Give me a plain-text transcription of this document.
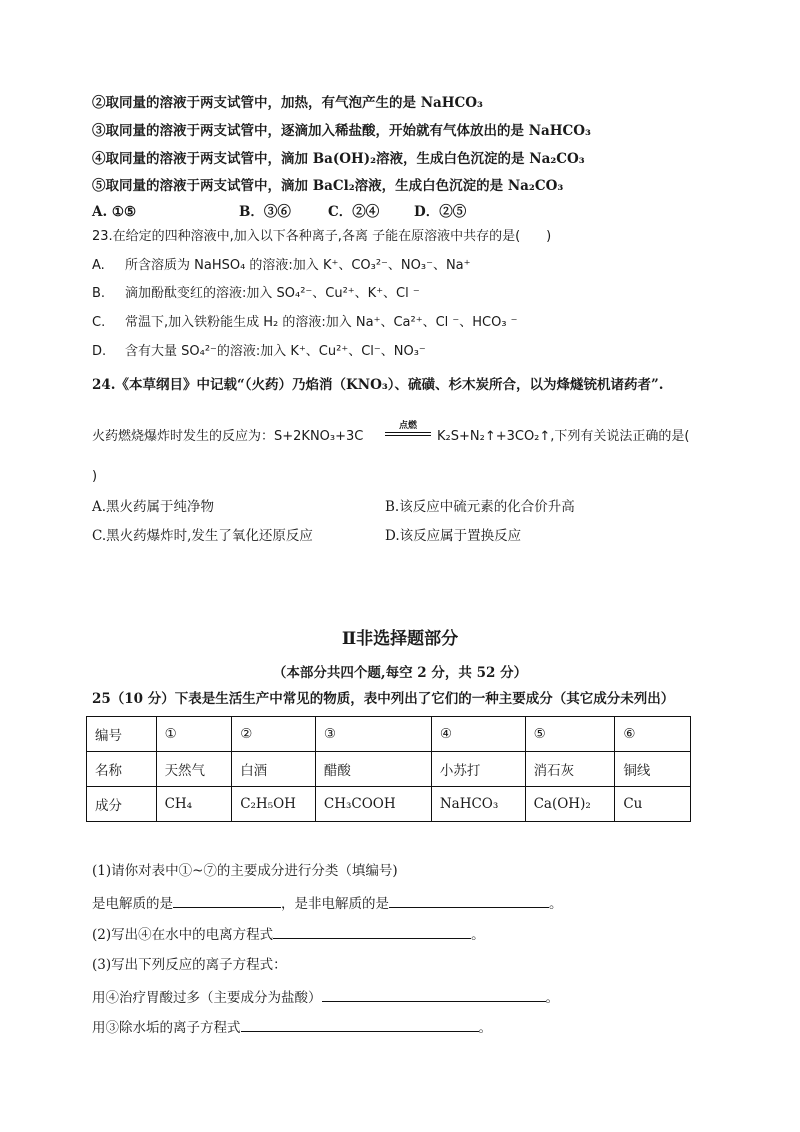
②取同量的溶液于两支试管中，加热，有气泡产生的是 NaHCO₃
③取同量的溶液于两支试管中，逐滴加入稀盐酸，开始就有气体放出的是 NaHCO₃
④取同量的溶液于两支试管中，滴加 Ba(OH)₂溶液，生成白色沉淀的是 Na₂CO₃
⑤取同量的溶液于两支试管中，滴加 BaCl₂溶液，生成白色沉淀的是 Na₂CO₃
A. ①⑤	B．③⑥	C．②④	D．②⑤
23.在给定的四种溶液中,加入以下各种离子,各离 子能在原溶液中共存的是(　　)
A. 所含溶质为 NaHSO₄ 的溶液:加入 K⁺、CO₃²⁻、NO₃⁻、Na⁺
B. 滴加酚酞变红的溶液:加入 SO₄²⁻、Cu²⁺、K⁺、Cl ⁻
C. 常温下,加入铁粉能生成 H₂ 的溶液:加入 Na⁺、Ca²⁺、Cl ⁻、HCO₃ ⁻
D. 含有大量 SO₄²⁻的溶液:加入 K⁺、Cu²⁺、Cl⁻、NO₃⁻
24.《本草纲目》中记载“（火药）乃焰消（KNO₃）、硫磺、杉木炭所合，以为烽燧铳机诸药者”.
火药燃烧爆炸时发生的反应为：S+2KNO₃+3C
点燃
K₂S+N₂↑+3CO₂↑,下列有关说法正确的是(
)
A.黑火药属于纯净物	B.该反应中硫元素的化合价升高
C.黑火药爆炸时,发生了氧化还原反应	D.该反应属于置换反应
Ⅱ非选择题部分
（本部分共四个题,每空 2 分，共 52 分）
25（10 分）下表是生活生产中常见的物质，表中列出了它们的一种主要成分（其它成分未列出）
编号	①	②	③	④	⑤	⑥
名称	天然气	白酒	醋酸	小苏打	消石灰	铜线
成分	CH₄	C₂H₅OH	CH₃COOH	NaHCO₃	Ca(OH)₂	Cu
(1)请你对表中①~⑦的主要成分进行分类（填编号)
是电解质的是	，是非电解质的是	。
(2)写出④在水中的电离方程式	。
(3)写出下列反应的离子方程式：
用④治疗胃酸过多（主要成分为盐酸）	。
用③除水垢的离子方程式	。
